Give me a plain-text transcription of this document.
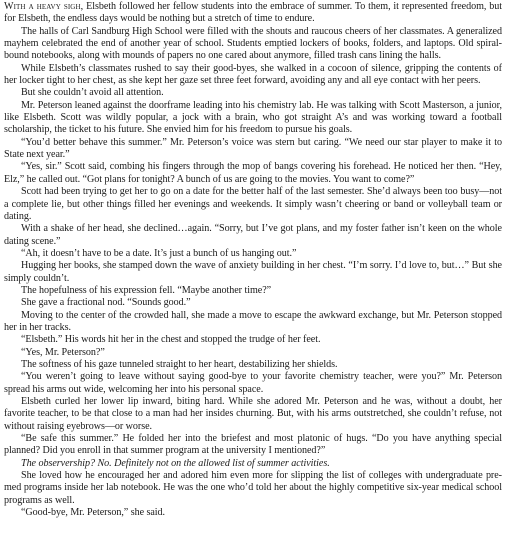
With a heavy sigh, Elsbeth followed her fellow students into the embrace of summer. To them, it represented freedom, but for Elsbeth, the endless days would be nothing but a stretch of time to endure.

The halls of Carl Sandburg High School were filled with the shouts and raucous cheers of her classmates. A generalized mayhem celebrated the end of another year of school. Students emptied lockers of books, folders, and laptops. Old spiral-bound notebooks, along with mounds of papers no one cared about anymore, filled trash cans lining the halls.

While Elsbeth’s classmates rushed to say their good-byes, she walked in a cocoon of silence, gripping the contents of her locker tight to her chest, as she kept her gaze set three feet forward, avoiding any and all eye contact with her peers.

But she couldn’t avoid all attention.

Mr. Peterson leaned against the doorframe leading into his chemistry lab. He was talking with Scott Masterson, a junior, like Elsbeth. Scott was wildly popular, a jock with a brain, who got straight A’s and was working toward a football scholarship, the ticket to his future. She envied him for his freedom to pursue his goals.

“You’d better behave this summer.” Mr. Peterson’s voice was stern but caring. “We need our star player to make it to State next year.”

“Yes, sir.” Scott said, combing his fingers through the mop of bangs covering his forehead. He noticed her then. “Hey, Elz,” he called out. “Got plans for tonight? A bunch of us are going to the movies. You want to come?”

Scott had been trying to get her to go on a date for the better half of the last semester. She’d always been too busy—not a complete lie, but other things filled her evenings and weekends. It simply wasn’t cheering or band or volleyball team or dating.

With a shake of her head, she declined…again. “Sorry, but I’ve got plans, and my foster father isn’t keen on the whole dating scene.”

“Ah, it doesn’t have to be a date. It’s just a bunch of us hanging out.”

Hugging her books, she stamped down the wave of anxiety building in her chest. “I’m sorry. I’d love to, but…” But she simply couldn’t.

The hopefulness of his expression fell. “Maybe another time?”

She gave a fractional nod. “Sounds good.”

Moving to the center of the crowded hall, she made a move to escape the awkward exchange, but Mr. Peterson stopped her in her tracks.

“Elsbeth.” His words hit her in the chest and stopped the trudge of her feet.

“Yes, Mr. Peterson?”

The softness of his gaze tunneled straight to her heart, destabilizing her shields.

“You weren’t going to leave without saying good-bye to your favorite chemistry teacher, were you?” Mr. Peterson spread his arms out wide, welcoming her into his personal space.

Elsbeth curled her lower lip inward, biting hard. While she adored Mr. Peterson and he was, without a doubt, her favorite teacher, to be that close to a man had her insides churning. But, with his arms outstretched, she couldn’t refuse, not without raising eyebrows—or worse.

“Be safe this summer.” He folded her into the briefest and most platonic of hugs. “Do you have anything special planned? Did you enroll in that summer program at the university I mentioned?”

The observership? No. Definitely not on the allowed list of summer activities.

She loved how he encouraged her and adored him even more for slipping the list of colleges with undergraduate pre-med programs inside her lab notebook. He was the one who’d told her about the highly competitive six-year medical school programs as well.

“Good-bye, Mr. Peterson,” she said.
